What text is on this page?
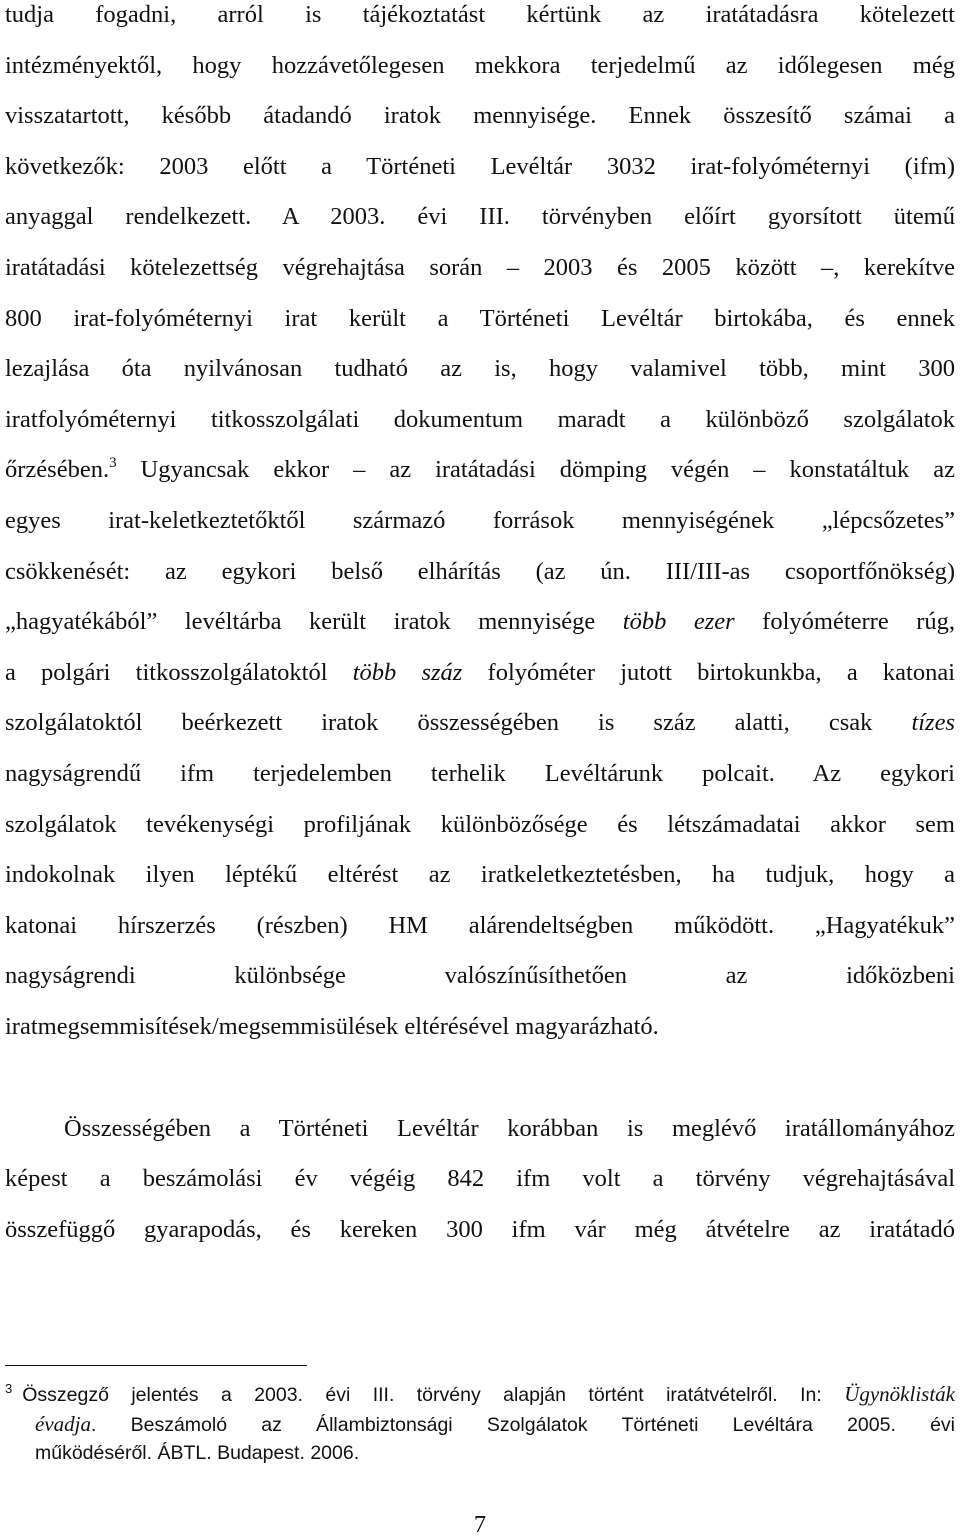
tudja fogadni, arról is tájékoztatást kértünk az iratátadásra kötelezett
intézményektől, hogy hozzávetőlegesen mekkora terjedelmű az időlegesen még
visszatartott, később átadandó iratok mennyisége. Ennek összesítő számai a
következők: 2003 előtt a Történeti Levéltár 3032 irat-folyóméternyi (ifm)
anyaggal rendelkezett. A 2003. évi III. törvényben előírt gyorsított ütemű
iratátadási kötelezettség végrehajtása során – 2003 és 2005 között –, kerekítve
800 irat-folyóméternyi irat került a Történeti Levéltár birtokába, és ennek
lezajlása óta nyilvánosan tudható az is, hogy valamivel több, mint 300
iratfolyóméternyi titkosszolgálati dokumentum maradt a különböző szolgálatok
őrzésében.$^3$ Ugyancsak ekkor – az iratátadási dömping végén – konstatáltuk az
egyes irat-keletkeztetőktől származó források mennyiségének „lépcsőzetes”
csökkenését: az egykori belső elhárítás (az ún. III/III-as csoportfőnökség)
„hagyatékából” levéltárba került iratok mennyisége több ezer folyóméterre rúg,
a polgári titkosszolgálatoktól több száz folyóméter jutott birtokunkba, a katonai
szolgálatoktól beérkezett iratok összességében is száz alatti, csak tízes
nagyságrendű ifm terjedelemben terhelik Levéltárunk polcait. Az egykori
szolgálatok tevékenységi profiljának különbözősége és létszámadatai akkor sem
indokolnak ilyen léptékű eltérést az iratkeletkeztetésben, ha tudjuk, hogy a
katonai hírszerzés (részben) HM alárendeltségben működött. „Hagyatékuk”
nagyságrendi különbsége valószínűsíthetően az időközbeni
iratmegsemmisítések/megsemmisülések eltérésével magyarázható.
Összességében a Történeti Levéltár korábban is meglévő iratállományához
képest a beszámolási év végéig 842 ifm volt a törvény végrehajtásával
összefüggő gyarapodás, és kereken 300 ifm vár még átvételre az iratátadó
$^3$ Összegző jelentés a 2003. évi III. törvény alapján történt iratátvételről. In: Ügynöklisták
évadja. Beszámoló az Állambiztonsági Szolgálatok Történeti Levéltára 2005. évi
működéséről. ÁBTL. Budapest. 2006.
7
